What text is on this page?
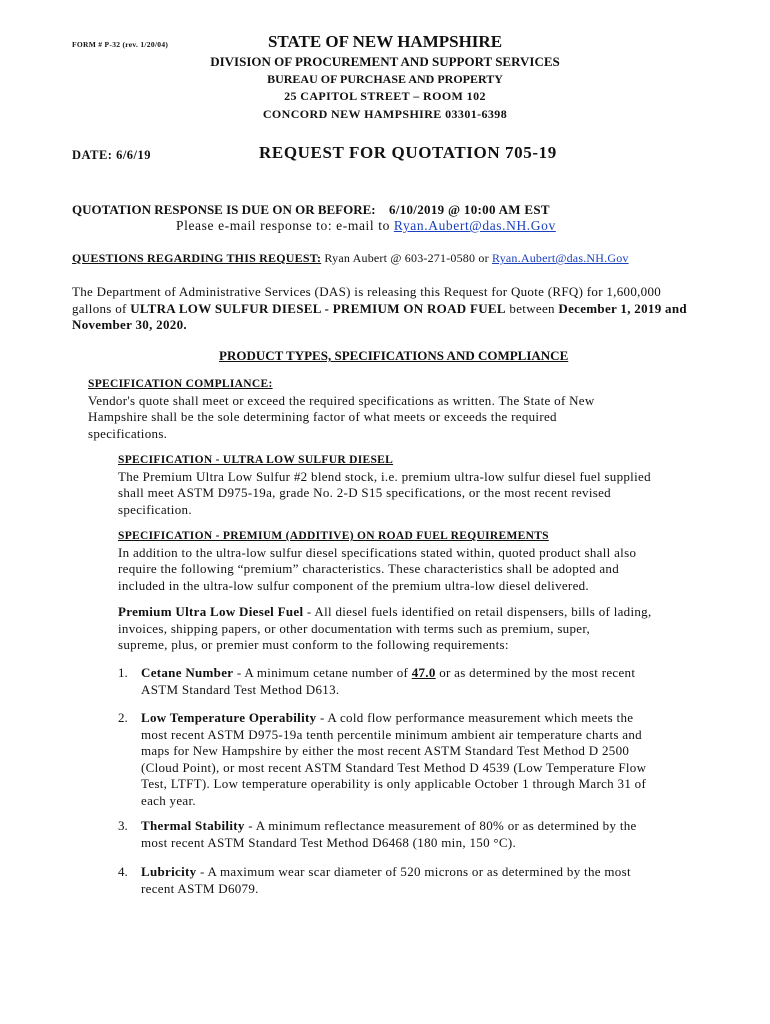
FORM # P-32 (rev. 1/20/04)	STATE OF NEW HAMPSHIRE
DIVISION OF PROCUREMENT AND SUPPORT SERVICES
BUREAU OF PURCHASE AND PROPERTY
25 CAPITOL STREET – ROOM 102
CONCORD NEW HAMPSHIRE 03301-6398
DATE: 6/6/19	REQUEST FOR QUOTATION 705-19
QUOTATION RESPONSE IS DUE ON OR BEFORE: 6/10/2019 @ 10:00 AM EST
Please e-mail response to: e-mail to Ryan.Aubert@das.NH.Gov
QUESTIONS REGARDING THIS REQUEST: Ryan Aubert @ 603-271-0580 or Ryan.Aubert@das.NH.Gov
The Department of Administrative Services (DAS) is releasing this Request for Quote (RFQ) for 1,600,000
gallons of ULTRA LOW SULFUR DIESEL - PREMIUM ON ROAD FUEL between December 1, 2019 and
November 30, 2020.
PRODUCT TYPES, SPECIFICATIONS AND COMPLIANCE
SPECIFICATION COMPLIANCE:
Vendor's quote shall meet or exceed the required specifications as written. The State of New
Hampshire shall be the sole determining factor of what meets or exceeds the required
specifications.
SPECIFICATION - ULTRA LOW SULFUR DIESEL
The Premium Ultra Low Sulfur #2 blend stock, i.e. premium ultra-low sulfur diesel fuel supplied
shall meet ASTM D975-19a, grade No. 2-D S15 specifications, or the most recent revised
specification.
SPECIFICATION - PREMIUM (ADDITIVE) ON ROAD FUEL REQUIREMENTS
In addition to the ultra-low sulfur diesel specifications stated within, quoted product shall also
require the following “premium” characteristics. These characteristics shall be adopted and
included in the ultra-low sulfur component of the premium ultra-low diesel delivered.
Premium Ultra Low Diesel Fuel - All diesel fuels identified on retail dispensers, bills of lading,
invoices, shipping papers, or other documentation with terms such as premium, super,
supreme, plus, or premier must conform to the following requirements:
1. Cetane Number - A minimum cetane number of 47.0 or as determined by the most recent
ASTM Standard Test Method D613.
2. Low Temperature Operability - A cold flow performance measurement which meets the
most recent ASTM D975-19a tenth percentile minimum ambient air temperature charts and
maps for New Hampshire by either the most recent ASTM Standard Test Method D 2500
(Cloud Point), or most recent ASTM Standard Test Method D 4539 (Low Temperature Flow
Test, LTFT). Low temperature operability is only applicable October 1 through March 31 of
each year.
3. Thermal Stability - A minimum reflectance measurement of 80% or as determined by the
most recent ASTM Standard Test Method D6468 (180 min, 150 °C).
4. Lubricity - A maximum wear scar diameter of 520 microns or as determined by the most
recent ASTM D6079.
